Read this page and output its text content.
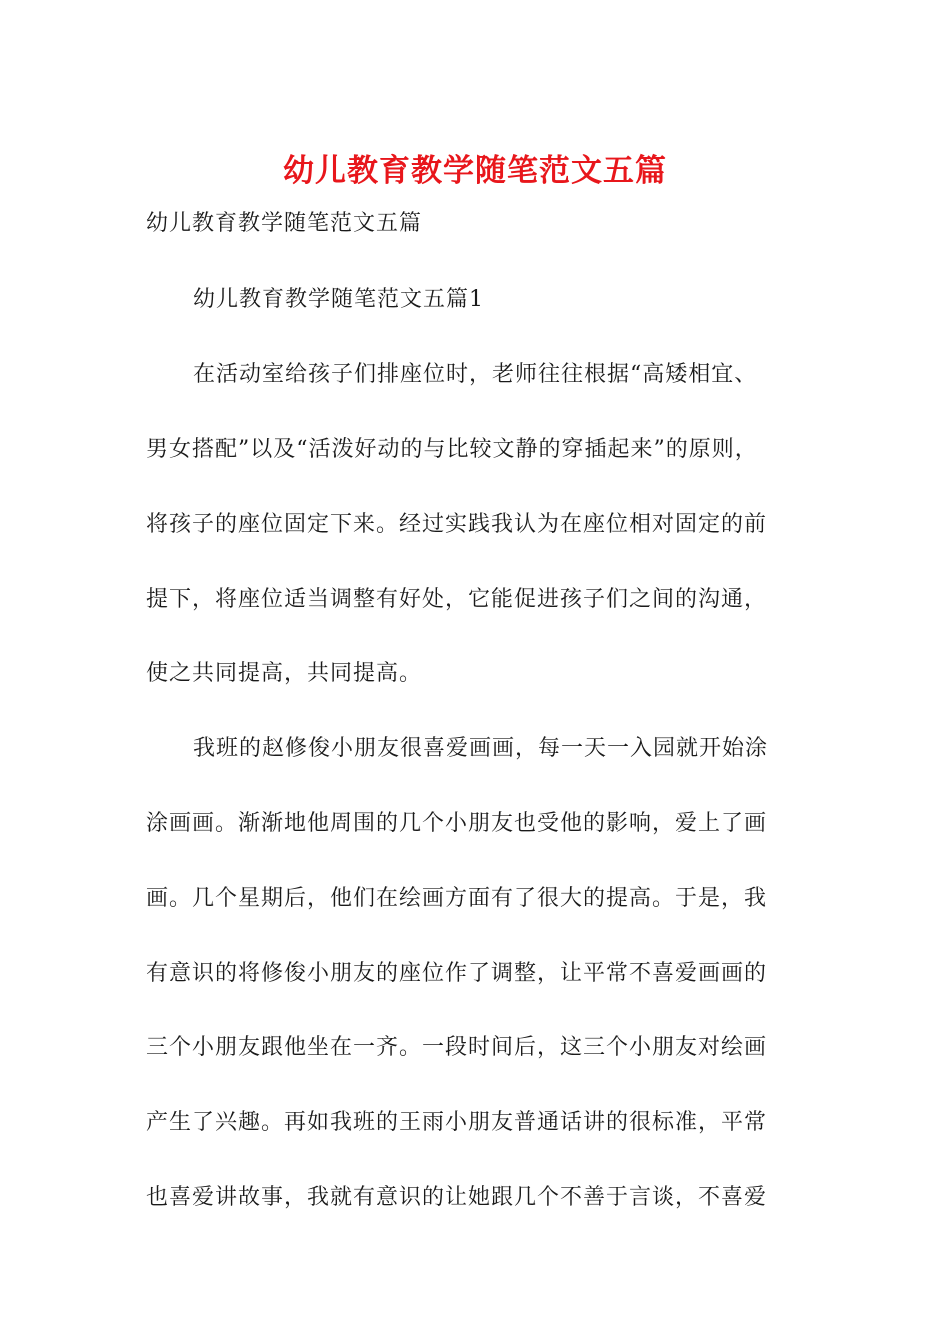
幼儿教育教学随笔范文五篇
幼儿教育教学随笔范文五篇
幼儿教育教学随笔范文五篇1
在活动室给孩子们排座位时，老师往往根据“高矮相宜、
男女搭配”以及“活泼好动的与比较文静的穿插起来”的原则，
将孩子的座位固定下来。经过实践我认为在座位相对固定的前
提下，将座位适当调整有好处，它能促进孩子们之间的沟通，
使之共同提高，共同提高。
我班的赵修俊小朋友很喜爱画画，每一天一入园就开始涂
涂画画。渐渐地他周围的几个小朋友也受他的影响，爱上了画
画。几个星期后，他们在绘画方面有了很大的提高。于是，我
有意识的将修俊小朋友的座位作了调整，让平常不喜爱画画的
三个小朋友跟他坐在一齐。一段时间后，这三个小朋友对绘画
产生了兴趣。再如我班的王雨小朋友普通话讲的很标准，平常
也喜爱讲故事，我就有意识的让她跟几个不善于言谈，不喜爱
